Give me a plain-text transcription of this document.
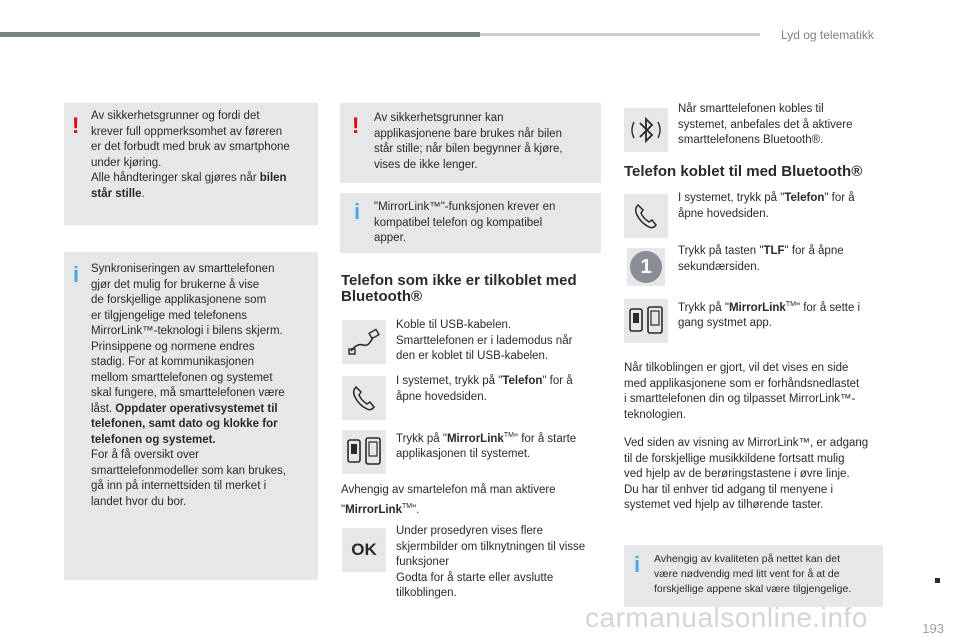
Lyd og telematikk
! Av sikkerhetsgrunner og fordi det
krever full oppmerksomhet av føreren
er det forbudt med bruk av smartphone
under kjøring.
Alle håndteringer skal gjøres når bilen
står stille.
i Synkroniseringen av smarttelefonen
gjør det mulig for brukerne å vise
de forskjellige applikasjonene som
er tilgjengelige med telefonens
MirrorLink™-teknologi i bilens skjerm.
Prinsippene og normene endres
stadig. For at kommunikasjonen
mellom smarttelefonen og systemet
skal fungere, må smarttelefonen være
låst. Oppdater operativsystemet til
telefonen, samt dato og klokke for
telefonen og systemet.
For å få oversikt over
smarttelefonmodeller som kan brukes,
gå inn på internettsiden til merket i
landet hvor du bor.
! Av sikkerhetsgrunner kan
applikasjonene bare brukes når bilen
står stille; når bilen begynner å kjøre,
vises de ikke lenger.
i "MirrorLink™"-funksjonen krever en
kompatibel telefon og kompatibel
apper.
Telefon som ikke er tilkoblet med
Bluetooth®
Koble til USB-kabelen.
Smarttelefonen er i lademodus når
den er koblet til USB-kabelen.
I systemet, trykk på "Telefon" for å
åpne hovedsiden.
Trykk på "MirrorLink™" for å starte
applikasjonen til systemet.
Avhengig av smartelefon må man aktivere
"MirrorLink™".
OK
Under prosedyren vises flere
skjermbilder om tilknytningen til visse
funksjoner
Godta for å starte eller avslutte
tilkoblingen.
Når smarttelefonen kobles til
systemet, anbefales det å aktivere
smarttelefonens Bluetooth®.
Telefon koblet til med Bluetooth®
I systemet, trykk på "Telefon" for å
åpne hovedsiden.
1
Trykk på tasten "TLF" for å åpne
sekundærsiden.
Trykk på "MirrorLink™" for å sette i
gang systmet app.
Når tilkoblingen er gjort, vil det vises en side
med applikasjonene som er forhåndsnedlastet
i smarttelefonen din og tilpasset MirrorLink™-
teknologien.
Ved siden av visning av MirrorLink™, er adgang
til de forskjellige musikkildene fortsatt mulig
ved hjelp av de berøringstastene i øvre linje.
Du har til enhver tid adgang til menyene i
systemet ved hjelp av tilhørende taster.
i Avhengig av kvaliteten på nettet kan det
være nødvendig med litt vent for å at de
forskjellige appene skal være tilgjengelige.
carmanualsonline.info	193
